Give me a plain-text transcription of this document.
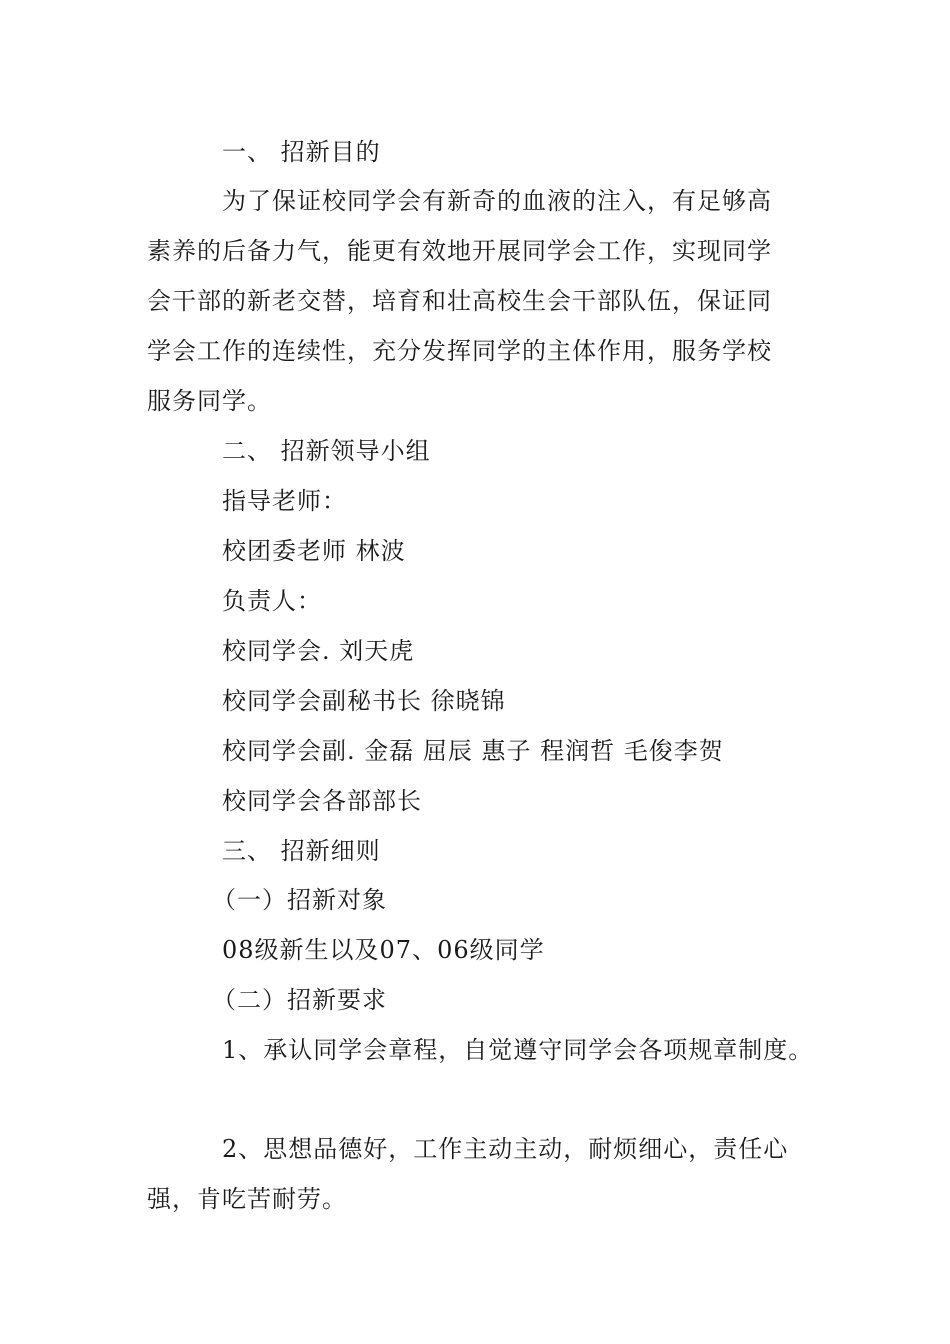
一、 招新目的
为了保证校同学会有新奇的血液的注入，有足够高
素养的后备力气，能更有效地开展同学会工作，实现同学
会干部的新老交替，培育和壮高校生会干部队伍，保证同
学会工作的连续性，充分发挥同学的主体作用，服务学校
服务同学。
二、 招新领导小组
指导老师：
校团委老师 林波
负责人：
校同学会. 刘天虎
校同学会副秘书长 徐晓锦
校同学会副. 金磊 屈辰 惠子 程润哲 毛俊李贺
校同学会各部部长
三、 招新细则
（一）招新对象
08级新生以及07、06级同学
（二）招新要求
1、承认同学会章程，自觉遵守同学会各项规章制度。
2、思想品德好，工作主动主动，耐烦细心，责任心
强，肯吃苦耐劳。
